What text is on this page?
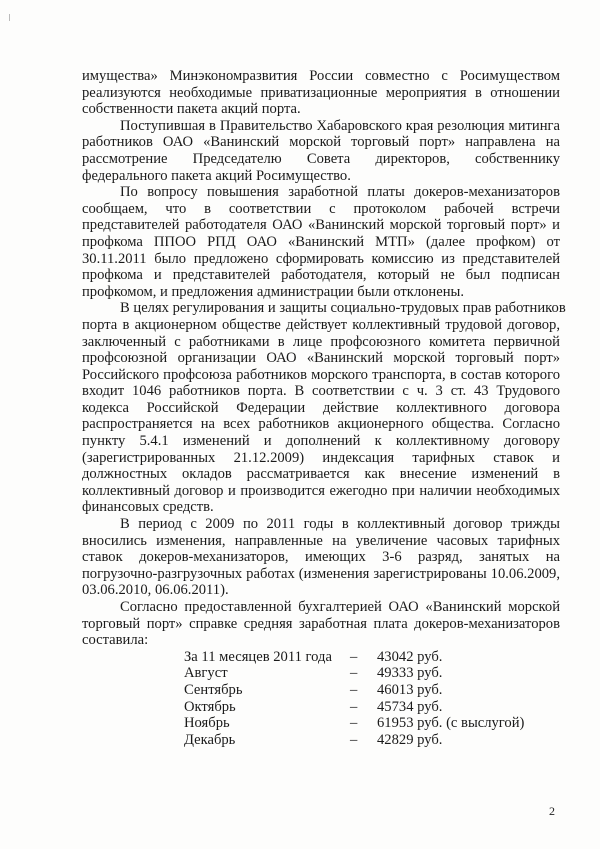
имущества» Минэкономразвития России совместно с Росимуществом
реализуются необходимые приватизационные мероприятия в отношении
собственности пакета акций порта.
Поступившая в Правительство Хабаровского края резолюция митинга
работников ОАО «Ванинский морской торговый порт» направлена на
рассмотрение Председателю Совета директоров, собственнику
федерального пакета акций Росимущество.
По вопросу повышения заработной платы докеров-механизаторов
сообщаем, что в соответствии с протоколом рабочей встречи
представителей работодателя ОАО «Ванинский морской торговый порт» и
профкома ППОО РПД ОАО «Ванинский МТП» (далее профком) от
30.11.2011 было предложено сформировать комиссию из представителей
профкома и представителей работодателя, который не был подписан
профкомом, и предложения администрации были отклонены.
В целях регулирования и защиты социально-трудовых прав работников
порта в акционерном обществе действует коллективный трудовой договор,
заключенный с работниками в лице профсоюзного комитета первичной
профсоюзной организации ОАО «Ванинский морской торговый порт»
Российского профсоюза работников морского транспорта, в состав которого
входит 1046 работников порта. В соответствии с ч. 3 ст. 43 Трудового
кодекса Российской Федерации действие коллективного договора
распространяется на всех работников акционерного общества. Согласно
пункту 5.4.1 изменений и дополнений к коллективному договору
(зарегистрированных 21.12.2009) индексация тарифных ставок и
должностных окладов рассматривается как внесение изменений в
коллективный договор и производится ежегодно при наличии необходимых
финансовых средств.
В период с 2009 по 2011 годы в коллективный договор трижды
вносились изменения, направленные на увеличение часовых тарифных
ставок докеров-механизаторов, имеющих 3-6 разряд, занятых на
погрузочно-разгрузочных работах (изменения зарегистрированы 10.06.2009,
03.06.2010, 06.06.2011).
Согласно предоставленной бухгалтерией ОАО «Ванинский морской
торговый порт» справке средняя заработная плата докеров-механизаторов
составила:
За 11 месяцев 2011 года	–	43042 руб.
Август	–	49333 руб.
Сентябрь	–	46013 руб.
Октябрь	–	45734 руб.
Ноябрь	–	61953 руб. (с выслугой)
Декабрь	–	42829 руб.
2
